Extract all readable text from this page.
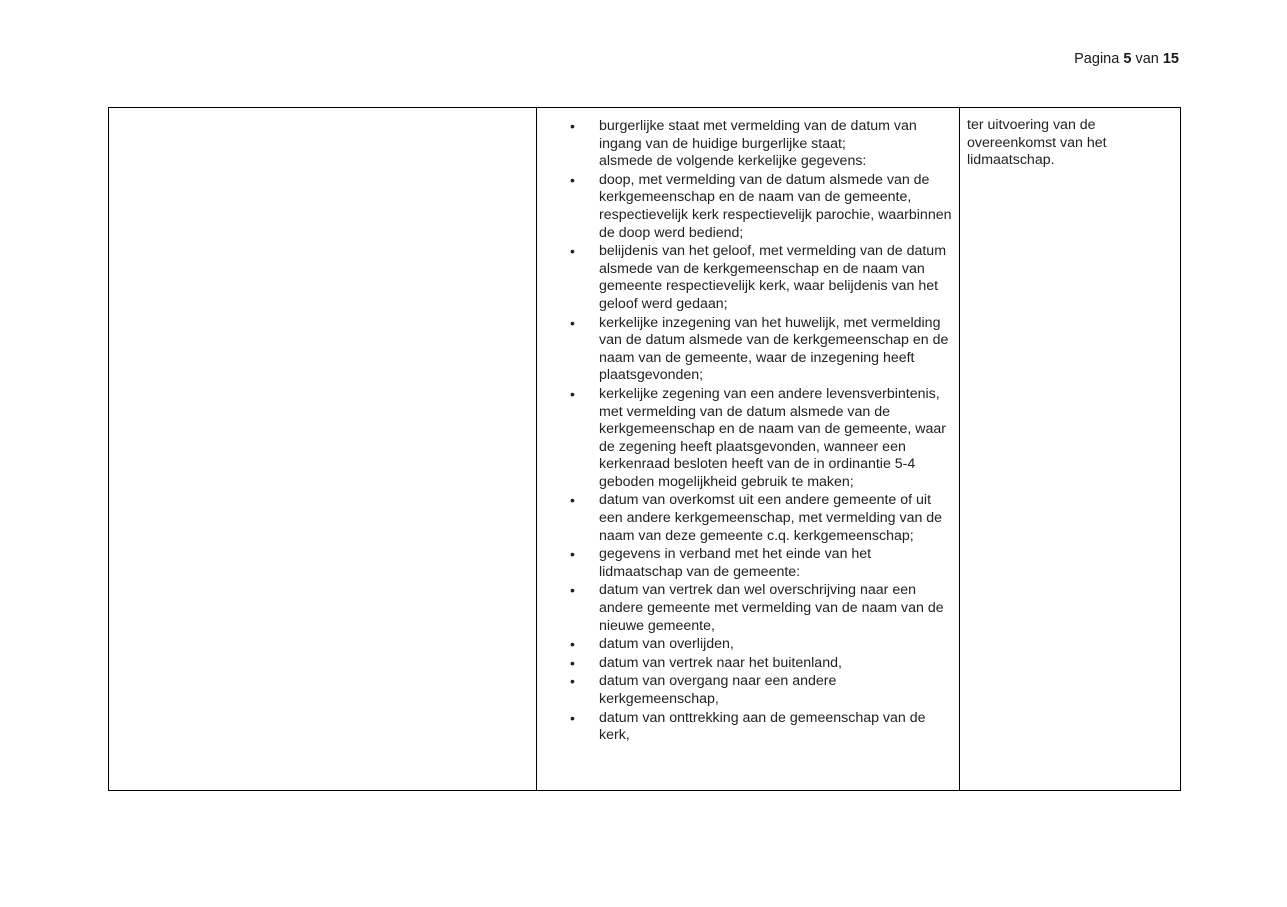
Pagina 5 van 15

• burgerlijke staat met vermelding van de datum van ingang van de huidige burgerlijke staat;
alsmede de volgende kerkelijke gegevens:
• doop, met vermelding van de datum alsmede van de kerkgemeenschap en de naam van de gemeente, respectievelijk kerk respectievelijk parochie, waarbinnen de doop werd bediend;
• belijdenis van het geloof, met vermelding van de datum alsmede van de kerkgemeenschap en de naam van gemeente respectievelijk kerk, waar belijdenis van het geloof werd gedaan;
• kerkelijke inzegening van het huwelijk, met vermelding van de datum alsmede van de kerkgemeenschap en de naam van de gemeente, waar de inzegening heeft plaatsgevonden;
• kerkelijke zegening van een andere levensverbintenis, met vermelding van de datum alsmede van de kerkgemeenschap en de naam van de gemeente, waar de zegening heeft plaatsgevonden, wanneer een kerkenraad besloten heeft van de in ordinantie 5-4 geboden mogelijkheid gebruik te maken;
• datum van overkomst uit een andere gemeente of uit een andere kerkgemeenschap, met vermelding van de naam van deze gemeente c.q. kerkgemeenschap;
• gegevens in verband met het einde van het lidmaatschap van de gemeente:
• datum van vertrek dan wel overschrijving naar een andere gemeente met vermelding van de naam van de nieuwe gemeente,
• datum van overlijden,
• datum van vertrek naar het buitenland,
• datum van overgang naar een andere kerkgemeenschap,
• datum van onttrekking aan de gemeenschap van de kerk,

ter uitvoering van de overeenkomst van het lidmaatschap.
